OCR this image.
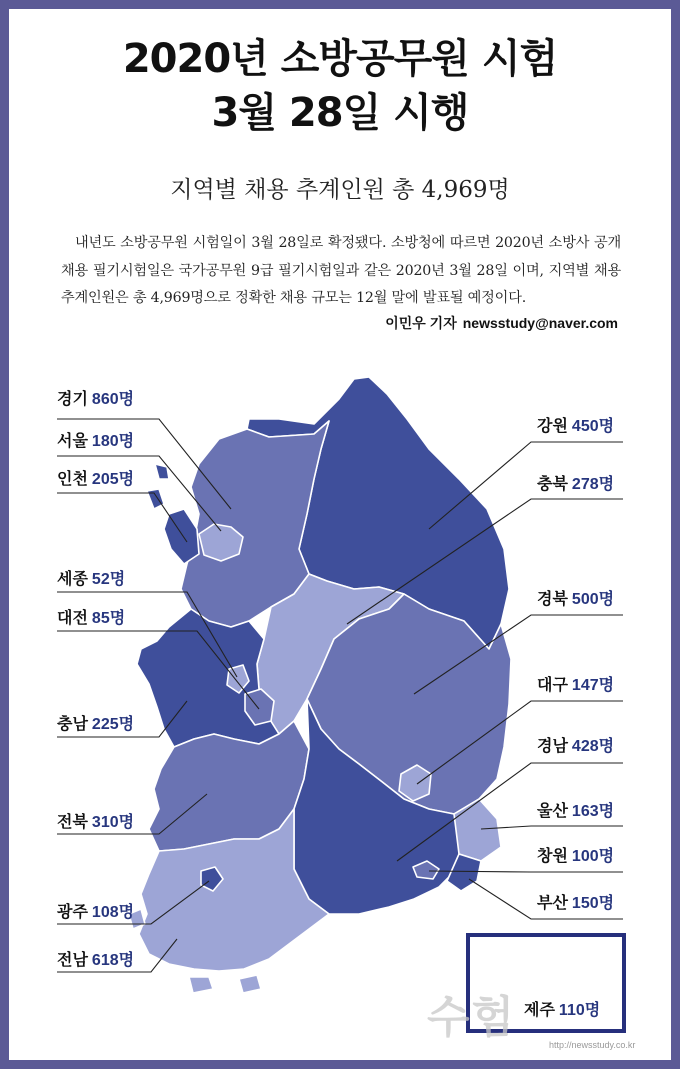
2020년 소방공무원 시험
3월 28일 시행
지역별 채용 추계인원 총 4,969명
내년도 소방공무원 시험일이 3월 28일로 확정됐다. 소방청에 따르면 2020년 소방사 공개채용 필기시험일은 국가공무원 9급 필기시험일과 같은 2020년 3월 28일 이며, 지역별 채용 추계인원은 총 4,969명으로 정확한 채용 규모는 12월 말에 발표될 예정이다.
이민우 기자 newsstudy@naver.com
수험
http://newsstudy.co.kr
경기 860명
서울 180명
인천 205명
세종 52명
대전 85명
충남 225명
전북 310명
광주 108명
전남 618명
강원 450명
충북 278명
경북 500명
대구 147명
경남 428명
울산 163명
창원 100명
부산 150명
제주 110명
